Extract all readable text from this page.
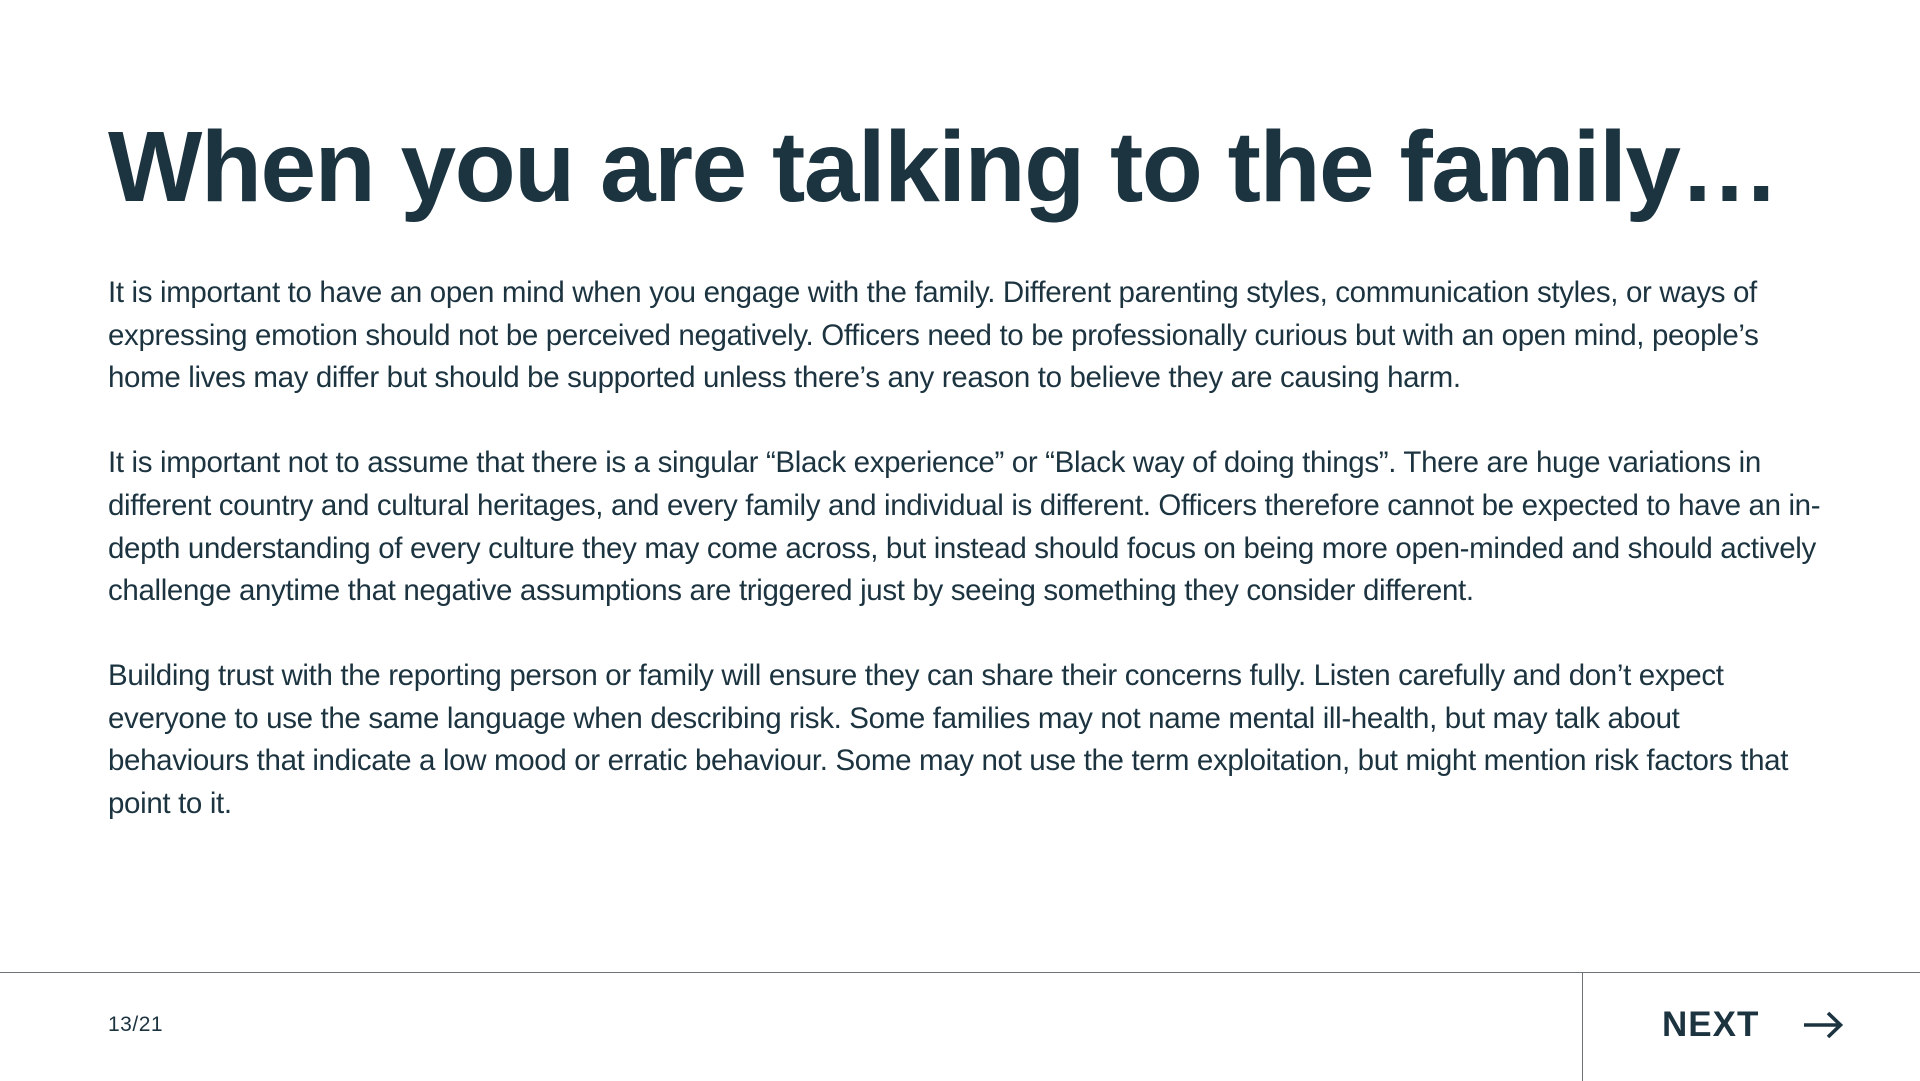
When you are talking to the family…

It is important to have an open mind when you engage with the family. Different parenting styles, communication styles, or ways of expressing emotion should not be perceived negatively. Officers need to be professionally curious but with an open mind, people’s home lives may differ but should be supported unless there’s any reason to believe they are causing harm.

It is important not to assume that there is a singular “Black experience” or “Black way of doing things”. There are huge variations in different country and cultural heritages, and every family and individual is different. Officers therefore cannot be expected to have an in-depth understanding of every culture they may come across, but instead should focus on being more open-minded and should actively challenge anytime that negative assumptions are triggered just by seeing something they consider different.

Building trust with the reporting person or family will ensure they can share their concerns fully. Listen carefully and don’t expect everyone to use the same language when describing risk. Some families may not name mental ill-health, but may talk about behaviours that indicate a low mood or erratic behaviour. Some may not use the term exploitation, but might mention risk factors that point to it.

13/21	NEXT
